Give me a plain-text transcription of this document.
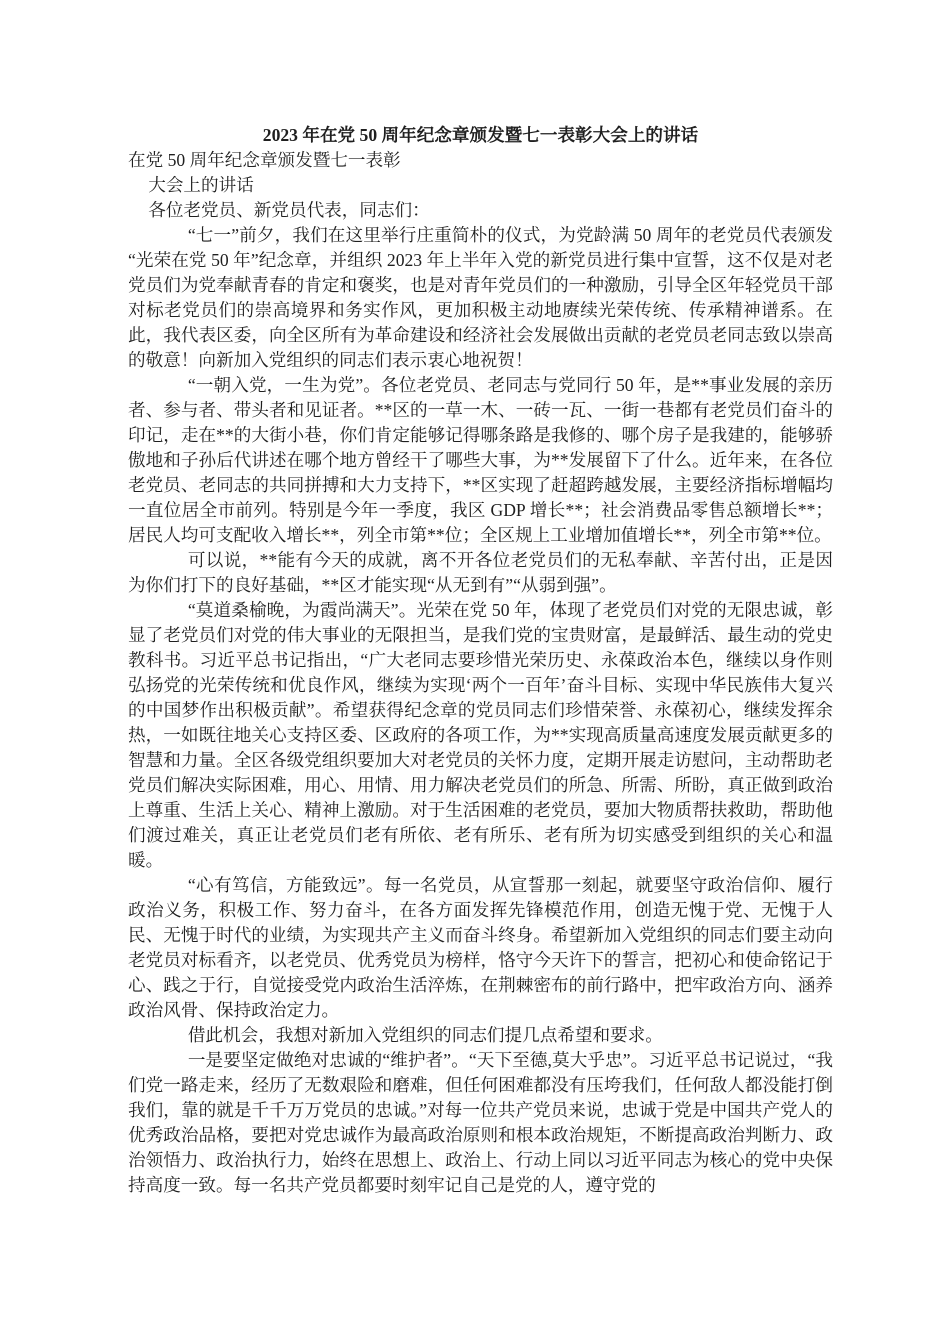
2023 年在党 50 周年纪念章颁发暨七一表彰大会上的讲话

在党 50 周年纪念章颁发暨七一表彰

大会上的讲话

各位老党员、新党员代表，同志们：

“七一”前夕，我们在这里举行庄重简朴的仪式，为党龄满 50 周年的老党员代表颁发“光荣在党 50 年”纪念章，并组织 2023 年上半年入党的新党员进行集中宣誓，这不仅是对老党员们为党奉献青春的肯定和褒奖，也是对青年党员们的一种激励，引导全区年轻党员干部对标老党员们的崇高境界和务实作风，更加积极主动地赓续光荣传统、传承精神谱系。在此，我代表区委，向全区所有为革命建设和经济社会发展做出贡献的老党员老同志致以崇高的敬意！向新加入党组织的同志们表示衷心地祝贺！

“一朝入党，一生为党”。各位老党员、老同志与党同行 50 年，是**事业发展的亲历者、参与者、带头者和见证者。**区的一草一木、一砖一瓦、一街一巷都有老党员们奋斗的印记，走在**的大街小巷，你们肯定能够记得哪条路是我修的、哪个房子是我建的，能够骄傲地和子孙后代讲述在哪个地方曾经干了哪些大事，为**发展留下了什么。近年来，在各位老党员、老同志的共同拼搏和大力支持下，**区实现了赶超跨越发展，主要经济指标增幅均一直位居全市前列。特别是今年一季度，我区 GDP 增长**；社会消费品零售总额增长**；居民人均可支配收入增长**，列全市第**位；全区规上工业增加值增长**，列全市第**位。

可以说，**能有今天的成就，离不开各位老党员们的无私奉献、辛苦付出，正是因为你们打下的良好基础，**区才能实现“从无到有”“从弱到强”。

“莫道桑榆晚，为霞尚满天”。光荣在党 50 年，体现了老党员们对党的无限忠诚，彰显了老党员们对党的伟大事业的无限担当，是我们党的宝贵财富，是最鲜活、最生动的党史教科书。习近平总书记指出，“广大老同志要珍惜光荣历史、永葆政治本色，继续以身作则弘扬党的光荣传统和优良作风，继续为实现‘两个一百年’奋斗目标、实现中华民族伟大复兴的中国梦作出积极贡献”。希望获得纪念章的党员同志们珍惜荣誉、永葆初心，继续发挥余热，一如既往地关心支持区委、区政府的各项工作，为**实现高质量高速度发展贡献更多的智慧和力量。全区各级党组织要加大对老党员的关怀力度，定期开展走访慰问，主动帮助老党员们解决实际困难，用心、用情、用力解决老党员们的所急、所需、所盼，真正做到政治上尊重、生活上关心、精神上激励。对于生活困难的老党员，要加大物质帮扶救助，帮助他们渡过难关，真正让老党员们老有所依、老有所乐、老有所为切实感受到组织的关心和温暖。

“心有笃信，方能致远”。每一名党员，从宣誓那一刻起，就要坚守政治信仰、履行政治义务，积极工作、努力奋斗，在各方面发挥先锋模范作用，创造无愧于党、无愧于人民、无愧于时代的业绩，为实现共产主义而奋斗终身。希望新加入党组织的同志们要主动向老党员对标看齐，以老党员、优秀党员为榜样，恪守今天许下的誓言，把初心和使命铭记于心、践之于行，自觉接受党内政治生活淬炼，在荆棘密布的前行路中，把牢政治方向、涵养政治风骨、保持政治定力。

借此机会，我想对新加入党组织的同志们提几点希望和要求。

一是要坚定做绝对忠诚的“维护者”。“天下至德,莫大乎忠”。习近平总书记说过，“我们党一路走来，经历了无数艰险和磨难，但任何困难都没有压垮我们，任何敌人都没能打倒我们，靠的就是千千万万党员的忠诚。”对每一位共产党员来说，忠诚于党是中国共产党人的优秀政治品格，要把对党忠诚作为最高政治原则和根本政治规矩，不断提高政治判断力、政治领悟力、政治执行力，始终在思想上、政治上、行动上同以习近平同志为核心的党中央保持高度一致。每一名共产党员都要时刻牢记自己是党的人，遵守党的
